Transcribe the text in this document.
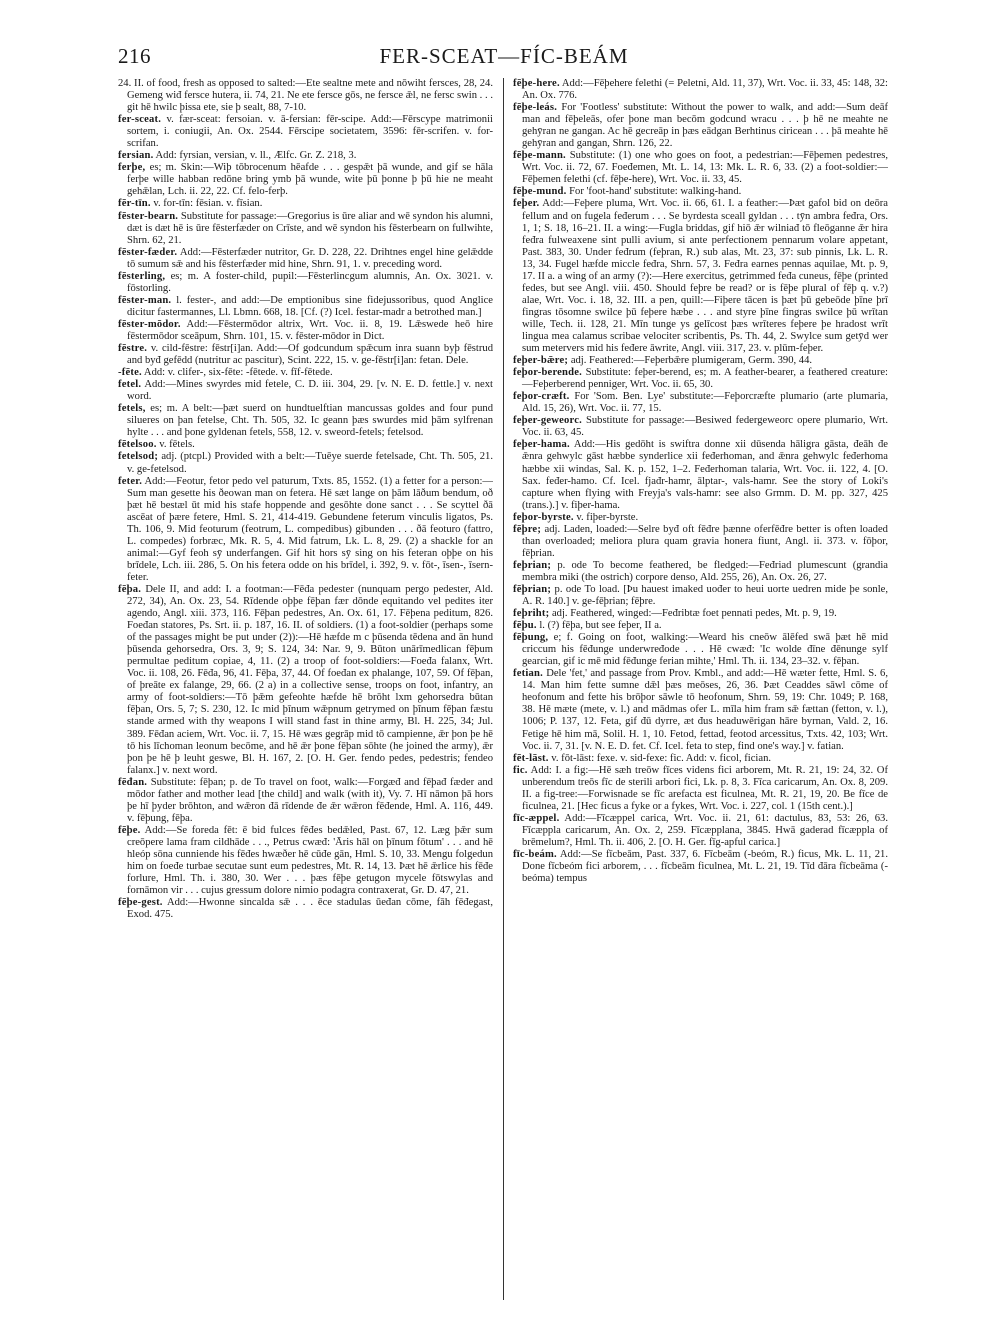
216	FER-SCEAT—FÍC-BEÁM

24. II. of food, fresh as opposed to salted:—Ete sealtne mete and nōwiht fersces, 28, 24. Gemeng wiđ fersce hutera, ii. 74, 21. Ne ete fersce gōs, ne fersce ǣl, ne fersc swin . . . git hē hwilc þissa ete, sie þ sealt, 88, 7-10.

fer-sceat. v. fær-sceat: fersoian. v. ā-fersian: fēr-scipe. Add:—Fērscype matrimonii sortem, i. coniugii, An. Ox. 2544. Fērscipe societatem, 3596: fēr-scrifen. v. for-scrifan.

fersian. Add: fyrsian, versian, v. ll., Ælfc. Gr. Z. 218, 3.

ferþe, es; m. Skin:—Wiþ tōbrocenum hēafde . . . gespǣt þā wunde, and gif se hāla ferþe wille habban redōne bring ymb þā wunde, wite þū þonne þ þū hie ne meaht gehǣlan, Lch. ii. 22, 22. Cf. felo-ferþ.

fēr-tīn. v. for-tīn: fēsian. v. fīsian.

fēster-bearn. Substitute for passage:—Gregorius is ūre aliar and wē syndon his alumni, dæt is dæt hē is ūre fēsterfæder on Crīste, and wē syndon his fēsterbearn on fullwihte, Shrn. 62, 21.

fēster-fæder. Add:—Fēsterfæder nutritor, Gr. D. 228, 22. Drihtnes engel hine gelǣdde tō sumum sǣ and his fēsterfæder mid hine, Shrn. 91, 1. v. preceding word.

fēsterling, es; m. A foster-child, pupil:—Fēsterlincgum alumnis, An. Ox. 3021. v. fōstorling.

fēster-man. l. fester-, and add:—De emptionibus sine fidejussoribus, quod Anglice dicitur fastermannes, Ll. Lbmn. 668, 18. [Cf. (?) Icel. festar-madr a betrothed man.]

fēster-mōdor. Add:—Fēstermōdor altrix, Wrt. Voc. ii. 8, 19. Lǣswede heō hire fēstermōdor sceāpum, Shrn. 101, 15. v. fēster-mōdor in Dict.

fēstre. v. cild-fēstre: fēstr[i]an. Add:—Of godcundum spǣcum inra suann byþ fēstrud and byđ gefēdd (nutritur ac pascitur), Scint. 222, 15. v. ge-fēstr[i]an: fetan. Dele.

-fēte. Add: v. clifer-, six-fēte: -fētede. v. fīf-fētede.

fetel. Add:—Mines swyrdes mid fetele, C. D. iii. 304, 29. [v. N. E. D. fettle.] v. next word.

fetels, es; m. A belt:—þæt suerd on hundtuelftian mancussas goldes and four pund silueres on þan fetelse, Cht. Th. 505, 32. Ic geann þæs swurdes mid þām sylfrenan hylte . . . and þone gyldenan fetels, 558, 12. v. sweord-fetels; fetelsod.

fētelsoo. v. fētels.

fetelsod; adj. (ptcpl.) Provided with a belt:—Tuēye suerde fetelsade, Cht. Th. 505, 21. v. ge-fetelsod.

feter. Add:—Feotur, fetor pedo vel paturum, Txts. 85, 1552. (1) a fetter for a person:—Sum man gesette his ðeowan man on fetera. Hē sæt lange on þām lāðum bendum, oð þæt hē bestæl ūt mid his stafe hoppende and gesōhte done sanct . . . Se scyttel ðā ascēat of þære fetere, Hml. S. 21, 414-419. Gebundene feterum vinculis ligatos, Ps. Th. 106, 9. Mid feoturum (feotrum, L. compedibus) gibunden . . . ðā feoturo (fattro, L. compedes) forbræc, Mk. R. 5, 4. Mid fatrum, Lk. L. 8, 29. (2) a shackle for an animal:—Gyf feoh sȳ underfangen. Gif hit hors sȳ sing on his feteran oþþe on his brīdele, Lch. iii. 286, 5. On his fetera odde on his brīdel, i. 392, 9. v. fōt-, īsen-, īsern-feter.

fēþa. Dele II, and add: I. a footman:—Fēđa pedester (nunquam pergo pedester, Ald. 272, 34), An. Ox. 23, 54. Rīdende oþþe fēþan fær dōnde equitando vel pedites iter agendo, Angl. xiii. 373, 116. Fēþan pedestres, An. Ox. 61, 17. Fēþena peditum, 826. Foeđan statores, Ps. Srt. ii. p. 187, 16. II. of soldiers. (1) a foot-soldier (perhaps some of the passages might be put under (2)):—Hē hæfde m c þūsenda tēdena and ān hund þūsenda gehorsedra, Ors. 3, 9; S. 124, 34: Nar. 9, 9. Būton unārīmedlican fēþum permultae peditum copiae, 4, 11. (2) a troop of foot-soldiers:—Foeđa falanx, Wrt. Voc. ii. 108, 26. Fēđa, 96, 41. Fēþa, 37, 44. Of foeđan ex phalange, 107, 59. Of fēþan, of þreāte ex falange, 29, 66. (2 a) in a collective sense, troops on foot, infantry, an army of foot-soldiers:—Tō þǣm gefeohte hæfde hē brōht lxm gehorsedra būtan fēþan, Ors. 5, 7; S. 230, 12. Ic mid þīnum wǣpnum getrymed on þīnum fēþan fæstu stande armed with thy weapons I will stand fast in thine army, Bl. H. 225, 34; Jul. 389. Fēđan aciem, Wrt. Voc. ii. 7, 15. Hē wæs gegrāp mid tō campienne, ǣr þon þe hē tō his līchoman leonum becōme, and hē ǣr þone fēþan sōhte (he joined the army), ǣr þon þe hē þ leuht geswe, Bl. H. 167, 2. [O. H. Ger. fendo pedes, pedestris; fendeo falanx.] v. next word.

fēđan. Substitute: fēþan; p. de To travel on foot, walk:—Forgæđ and fēþađ fæder and mōdor father and mother lead [the child] and walk (with it), Vy. 7. Hī nāmon þā hors þe hī þyder brōhton, and wǣron đā rīdende đe ǣr wǣron fēđende, Hml. A. 116, 449. v. fēþung, fēþa.

fēþe. Add:—Se foreda fēt: ē bid fulces fēđes bedǣled, Past. 67, 12. Læg þǣr sum creōpere lama fram cildhāde . . ., Petrus cwæđ: 'Āris hāl on þīnum fōtum' . . . and hē hleóp sōna cunniende his fēđes hwæðer hē cūđe gān, Hml. S. 10, 33. Mengu folgedun him on foeđe turbae secutae sunt eum pedestres, Mt. R. 14, 13. Þæt hē ǣrlice his fēđe forlure, Hml. Th. i. 380, 30. Wer . . . þæs fēþe getugon mycele fōtswylas and fornāmon vir . . . cujus gressum dolore nimio podagra contraxerat, Gr. D. 47, 21.

fēþe-gest. Add:—Hwonne sincalda sǣ . . . ēce stadulas ūeđan cōme, fāh fēđegast, Exod. 475.

fēþe-here. Add:—Fēþehere felethi (= Peletni, Ald. 11, 37), Wrt. Voc. ii. 33, 45: 148, 32: An. Ox. 776.

fēþe-leás. For 'Footless' substitute: Without the power to walk, and add:—Sum deāf man and fēþeleās, ofer þone man becōm godcund wracu . . . þ hē ne meahte ne gehȳran ne gangan. Ac hē gecreāp in þæs eādgan Berhtinus ciricean . . . þā meahte hē gehȳran and gangan, Shrn. 126, 22.

fēþe-mann. Substitute: (1) one who goes on foot, a pedestrian:—Fēþemen pedestres, Wrt. Voc. ii. 72, 67. Foeđemen, Mt. L. 14, 13: Mk. L. R. 6, 33. (2) a foot-soldier:—Fēþemen felethi (cf. fēþe-here), Wrt. Voc. ii. 33, 45.

fēþe-mund. For 'foot-hand' substitute: walking-hand.

feþer. Add:—Feþere pluma, Wrt. Voc. ii. 66, 61. I. a feather:—Þæt gafol bid on deōra fellum and on fugela feđerum . . . Se byrdesta sceall gyldan . . . tȳn ambra feđra, Ors. 1, 1; S. 18, 16–21. II. a wing:—Fugla briddas, gif hiō ǣr wilniađ tō fleōganne ǣr hira feđra fulweaxene sint pulli avium, si ante perfectionem pennarum volare appetant, Past. 383, 30. Under feđrum (feþran, R.) sub alas, Mt. 23, 37: sub pinnis, Lk. L. R. 13, 34. Fugel hæfde miccle feđra, Shrn. 57, 3. Feđra earnes pennas aquilae, Mt. p. 9, 17. II a. a wing of an army (?):—Here exercitus, getrimmed feđa cuneus, fēþe (printed fedes, but see Angl. viii. 450. Should feþre be read? or is fēþe plural of fēþ q. v.?) alae, Wrt. Voc. i. 18, 32. III. a pen, quill:—Fiþere tācen is þæt þū gebeōde þīne þrī fingras tōsomne swilce þū feþere hæbe . . . and styre þīne fingras swilce þū wrītan wille, Tech. ii. 128, 21. Mīn tunge ys gelīcost þæs wrīteres feþere þe hradost wrīt lingua mea calamus scribae velociter scribentis, Ps. Th. 44, 2. Swylce sum getȳd wer sum metervers mid his feđere āwrite, Angl. viii. 317, 23. v. plūm-feþer.

feþer-bǣre; adj. Feathered:—Feþerbǣre plumigeram, Germ. 390, 44.

feþor-berende. Substitute: feþer-berend, es; m. A feather-bearer, a feathered creature:—Feþerberend penniger, Wrt. Voc. ii. 65, 30.

feþor-cræft. For 'Som. Ben. Lye' substitute:—Feþorcræfte plumario (arte plumaria, Ald. 15, 26), Wrt. Voc. ii. 77, 15.

feþer-geweorc. Substitute for passage:—Besiwed federgeweorc opere plumario, Wrt. Voc. ii. 63, 45.

feþer-hama. Add:—His gedōht is swiftra donne xii dūsenda hāligra gāsta, đeāh đe ǣnra gehwylc gāst hæbbe synderlice xii feđerhoman, and ǣnra gehwylc feđerhoma hæbbe xii windas, Sal. K. p. 152, 1–2. Feđerhoman talaria, Wrt. Voc. ii. 122, 4. [O. Sax. feđer-hamo. Cf. Icel. fjađr-hamr, ālptar-, vals-hamr. See the story of Loki's capture when flying with Freyja's vals-hamr: see also Grmm. D. M. pp. 327, 425 (trans.).] v. fiþer-hama.

feþor-byrste. v. fiþer-byrste.

fēþre; adj. Laden, loaded:—Selre byđ oft fēđre þænne oferfēđre better is often loaded than overloaded; meliora plura quam gravia honera fiunt, Angl. ii. 373. v. fōþor, fēþrian.

feþrian; p. ode To become feathered, be fledged:—Feđriad plumescunt (grandia membra miki (the ostrich) corpore denso, Ald. 255, 26), An. Ox. 26, 27.

fēþrian; p. ode To load. [Þu hauest imaked uođer to heui uorte uedren mide þe sonle, A. R. 140.] v. ge-fēþrian; fēþre.

feþriht; adj. Feathered, winged:—Feđribtæ foet pennati pedes, Mt. p. 9, 19.

fēþu. l. (?) fēþa, but see feþer, II a.

fēþung, e; f. Going on foot, walking:—Weard his cneōw ālēfed swā þæt hē mid criccum his fēđunge underwređode . . . Hē cwæđ: 'Ic wolde đīne đēnunge sylf gearcian, gif ic mē mid fēđunge ferian mihte,' Hml. Th. ii. 134, 23–32. v. fēþan.

fetian. Dele 'fet,' and passage from Prov. Kmbl., and add:—Hē wæter fette, Hml. S. 6, 14. Man him fette sumne dǣl þæs meōses, 26, 36. Þæt Ceaddes sāwl cōme of heofonum and fette his brōþor sāwle tō heofonum, Shrn. 59, 19: Chr. 1049; P. 168, 38. Hē mæte (mete, v. l.) and mādmas ofer L. mīla him fram sǣ fættan (fetton, v. l.), 1006; P. 137, 12. Feta, gif đū dyrre, æt đus headuwērigan hāre byrnan, Vald. 2, 16. Fetige hē him mā, Solil. H. 1, 10. Fetod, fettad, feotod arcessitus, Txts. 42, 103; Wrt. Voc. ii. 7, 31. [v. N. E. D. fet. Cf. Icel. feta to step, find one's way.] v. fatian.

fēt-lāst. v. fōt-lāst: fexe. v. sid-fexe: fic. Add: v. ficol, fician.

fic. Add: I. a fig:—Hē sæh treōw fīces videns fici arborem, Mt. R. 21, 19: 24, 32. Of unberendum treōs fīc de sterili arbori fici, Lk. p. 8, 3. Fīca caricarum, An. Ox. 8, 209. II. a fig-tree:—Forwisnade se fīc arefacta est ficulnea, Mt. R. 21, 19, 20. Be fīce de ficulnea, 21. [Hec ficus a fyke or a fykes, Wrt. Voc. i. 227, col. 1 (15th cent.).]

fīc-æppel. Add:—Fīcæppel carica, Wrt. Voc. ii. 21, 61: dactulus, 83, 53: 26, 63. Fīcæppla caricarum, An. Ox. 2, 259. Fīcæpplana, 3845. Hwā gaderad fīcæppla of brēmelum?, Hml. Th. ii. 406, 2. [O. H. Ger. fīg-apful carica.]

fīc-beám. Add:—Se fīcbeām, Past. 337, 6. Fīcbeām (-beóm, R.) ficus, Mk. L. 11, 21. Done fīcbeóm fici arborem, . . . fīcbeām ficulnea, Mt. L. 21, 19. Tīd đāra fīcbeāma (-beóma) tempus
